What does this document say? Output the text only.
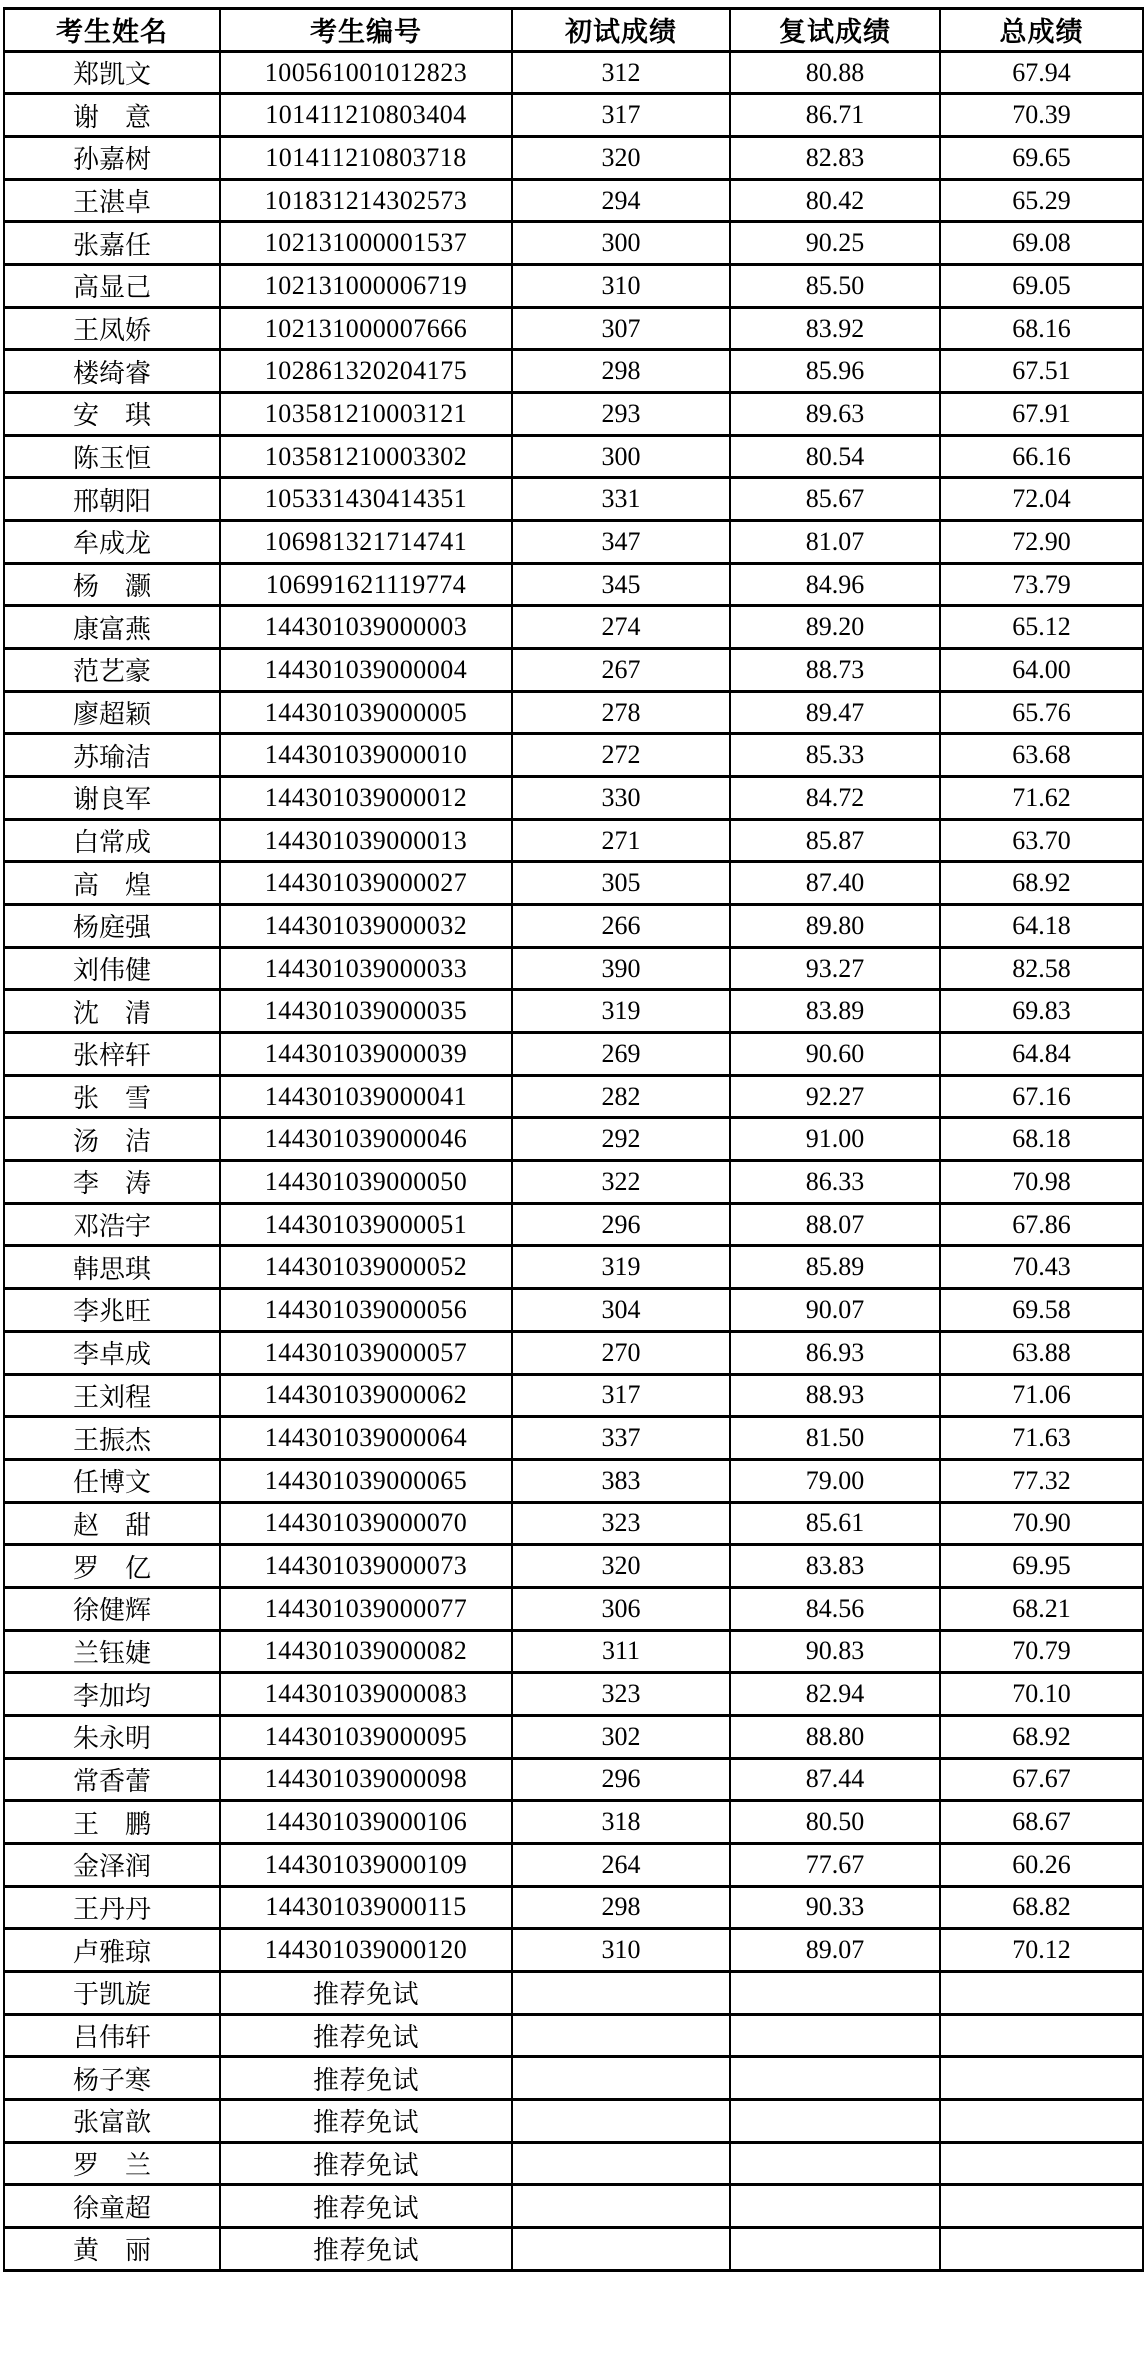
考生姓名	考生编号	初试成绩	复试成绩	总成绩
郑凯文	100561001012823	312	80.88	67.94
谢　意	101411210803404	317	86.71	70.39
孙嘉树	101411210803718	320	82.83	69.65
王湛卓	101831214302573	294	80.42	65.29
张嘉任	102131000001537	300	90.25	69.08
高显己	102131000006719	310	85.50	69.05
王凤娇	102131000007666	307	83.92	68.16
楼绮睿	102861320204175	298	85.96	67.51
安　琪	103581210003121	293	89.63	67.91
陈玉恒	103581210003302	300	80.54	66.16
邢朝阳	105331430414351	331	85.67	72.04
牟成龙	106981321714741	347	81.07	72.90
杨　灏	106991621119774	345	84.96	73.79
康富燕	144301039000003	274	89.20	65.12
范艺豪	144301039000004	267	88.73	64.00
廖超颖	144301039000005	278	89.47	65.76
苏瑜洁	144301039000010	272	85.33	63.68
谢良军	144301039000012	330	84.72	71.62
白常成	144301039000013	271	85.87	63.70
高　煌	144301039000027	305	87.40	68.92
杨庭强	144301039000032	266	89.80	64.18
刘伟健	144301039000033	390	93.27	82.58
沈　清	144301039000035	319	83.89	69.83
张梓轩	144301039000039	269	90.60	64.84
张　雪	144301039000041	282	92.27	67.16
汤　洁	144301039000046	292	91.00	68.18
李　涛	144301039000050	322	86.33	70.98
邓浩宇	144301039000051	296	88.07	67.86
韩思琪	144301039000052	319	85.89	70.43
李兆旺	144301039000056	304	90.07	69.58
李卓成	144301039000057	270	86.93	63.88
王刘程	144301039000062	317	88.93	71.06
王振杰	144301039000064	337	81.50	71.63
任博文	144301039000065	383	79.00	77.32
赵　甜	144301039000070	323	85.61	70.90
罗　亿	144301039000073	320	83.83	69.95
徐健辉	144301039000077	306	84.56	68.21
兰钰婕	144301039000082	311	90.83	70.79
李加均	144301039000083	323	82.94	70.10
朱永明	144301039000095	302	88.80	68.92
常香蕾	144301039000098	296	87.44	67.67
王　鹏	144301039000106	318	80.50	68.67
金泽润	144301039000109	264	77.67	60.26
王丹丹	144301039000115	298	90.33	68.82
卢雅琼	144301039000120	310	89.07	70.12
于凯旋	推荐免试			
吕伟轩	推荐免试			
杨子寒	推荐免试			
张富歆	推荐免试			
罗　兰	推荐免试			
徐童超	推荐免试			
黄　丽	推荐免试			
